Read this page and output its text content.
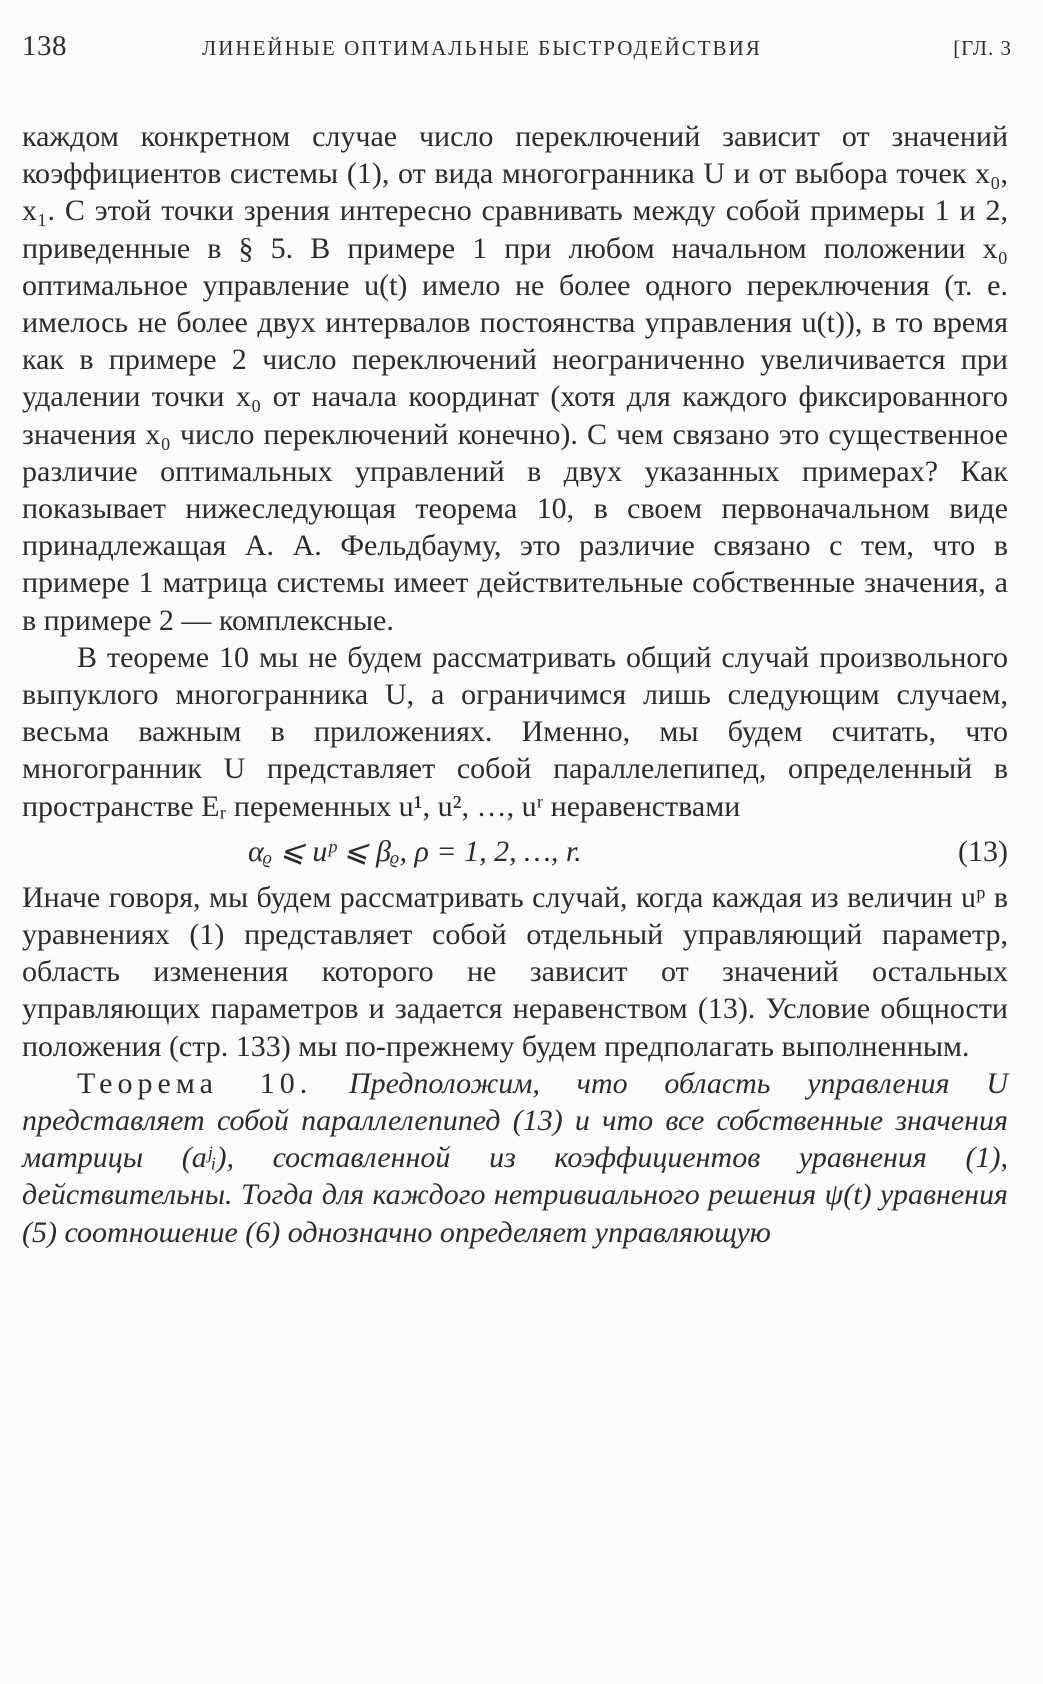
138	ЛИНЕЙНЫЕ ОПТИМАЛЬНЫЕ БЫСТРОДЕЙСТВИЯ	[ГЛ. 3

каждом конкретном случае число переключений зависит от значений коэффициентов системы (1), от вида многогранника U и от выбора точек x₀, x₁. С этой точки зрения интересно сравнивать между собой примеры 1 и 2, приведенные в § 5. В примере 1 при любом начальном положении x₀ оптимальное управление u(t) имело не более одного переключения (т. е. имелось не более двух интервалов постоянства управления u(t)), в то время как в примере 2 число переключений неограниченно увеличивается при удалении точки x₀ от начала координат (хотя для каждого фиксированного значения x₀ число переключений конечно). С чем связано это существенное различие оптимальных управлений в двух указанных примерах? Как показывает нижеследующая теорема 10, в своем первоначальном виде принадлежащая А. А. Фельдбауму, это различие связано с тем, что в примере 1 матрица системы имеет действительные собственные значения, а в примере 2 — комплексные.

В теореме 10 мы не будем рассматривать общий случай произвольного выпуклого многогранника U, а ограничимся лишь следующим случаем, весьма важным в приложениях. Именно, мы будем считать, что многогранник U представляет собой параллелепипед, определенный в пространстве Eᵣ переменных u¹, u², …, uʳ неравенствами

αᵨ ⩽ uᵖ ⩽ βᵨ, ρ = 1, 2, …, r.	(13)

Иначе говоря, мы будем рассматривать случай, когда каждая из величин uᵖ в уравнениях (1) представляет собой отдельный управляющий параметр, область изменения которого не зависит от значений остальных управляющих параметров и задается неравенством (13). Условие общности положения (стр. 133) мы по-прежнему будем предполагать выполненным.

Теорема 10. Предположим, что область управления U представляет собой параллелепипед (13) и что все собственные значения матрицы (aʲᵢ), составленной из коэффициентов уравнения (1), действительны. Тогда для каждого нетривиального решения ψ(t) уравнения (5) соотношение (6) однозначно определяет управляющую
